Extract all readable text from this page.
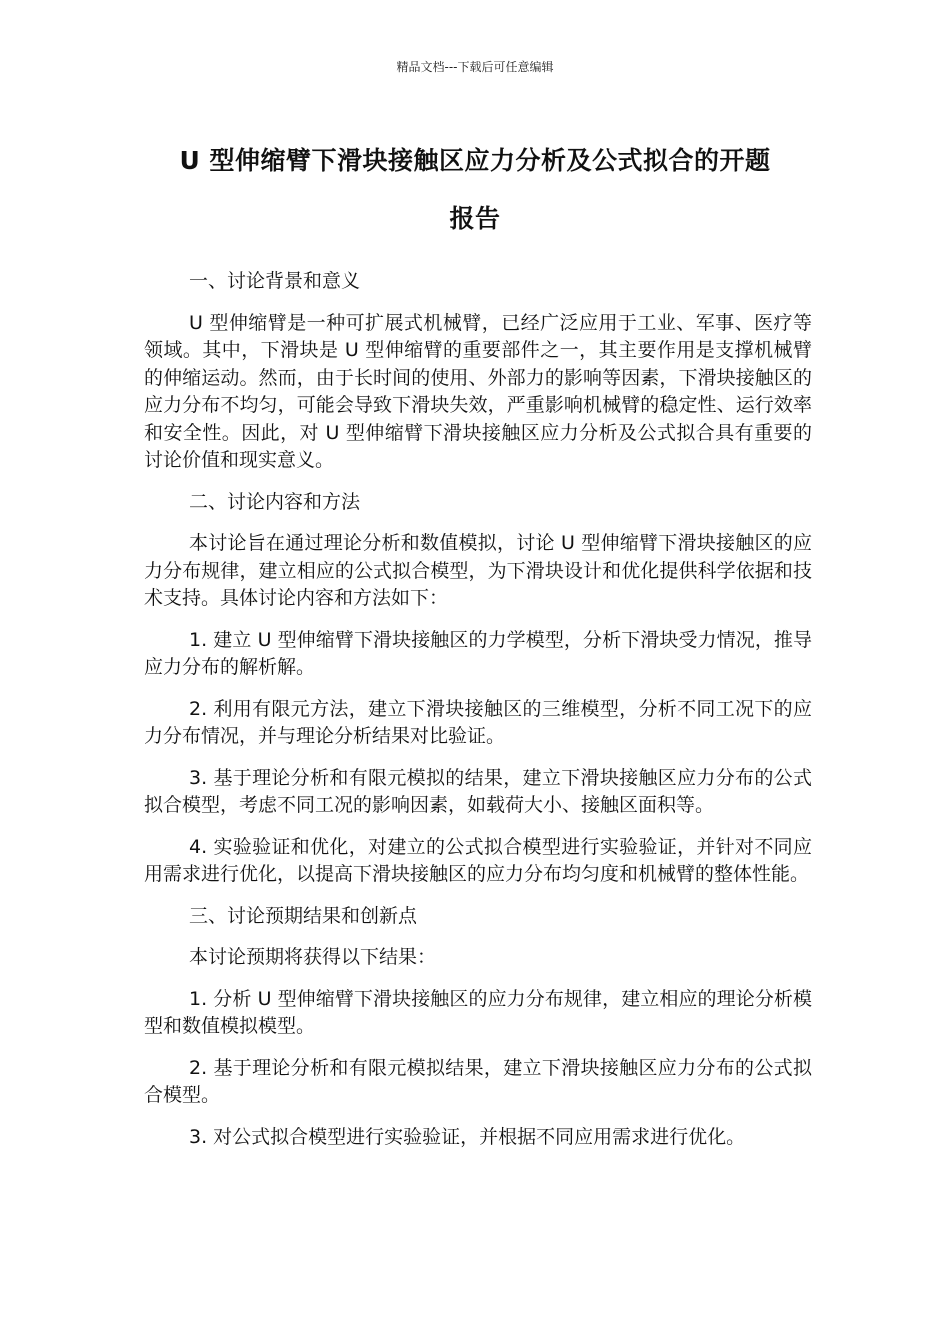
精品文档---下载后可任意编辑
U 型伸缩臂下滑块接触区应力分析及公式拟合的开题
报告

一、讨论背景和意义

U 型伸缩臂是一种可扩展式机械臂，已经广泛应用于工业、军事、医疗等领域。其中，下滑块是 U 型伸缩臂的重要部件之一，其主要作用是支撑机械臂的伸缩运动。然而，由于长时间的使用、外部力的影响等因素，下滑块接触区的应力分布不均匀，可能会导致下滑块失效，严重影响机械臂的稳定性、运行效率和安全性。因此，对 U 型伸缩臂下滑块接触区应力分析及公式拟合具有重要的讨论价值和现实意义。

二、讨论内容和方法

本讨论旨在通过理论分析和数值模拟，讨论 U 型伸缩臂下滑块接触区的应力分布规律，建立相应的公式拟合模型，为下滑块设计和优化提供科学依据和技术支持。具体讨论内容和方法如下：

1. 建立 U 型伸缩臂下滑块接触区的力学模型，分析下滑块受力情况，推导应力分布的解析解。

2. 利用有限元方法，建立下滑块接触区的三维模型，分析不同工况下的应力分布情况，并与理论分析结果对比验证。

3. 基于理论分析和有限元模拟的结果，建立下滑块接触区应力分布的公式拟合模型，考虑不同工况的影响因素，如载荷大小、接触区面积等。

4. 实验验证和优化，对建立的公式拟合模型进行实验验证，并针对不同应用需求进行优化，以提高下滑块接触区的应力分布均匀度和机械臂的整体性能。

三、讨论预期结果和创新点

本讨论预期将获得以下结果：

1. 分析 U 型伸缩臂下滑块接触区的应力分布规律，建立相应的理论分析模型和数值模拟模型。

2. 基于理论分析和有限元模拟结果，建立下滑块接触区应力分布的公式拟合模型。

3. 对公式拟合模型进行实验验证，并根据不同应用需求进行优化。
